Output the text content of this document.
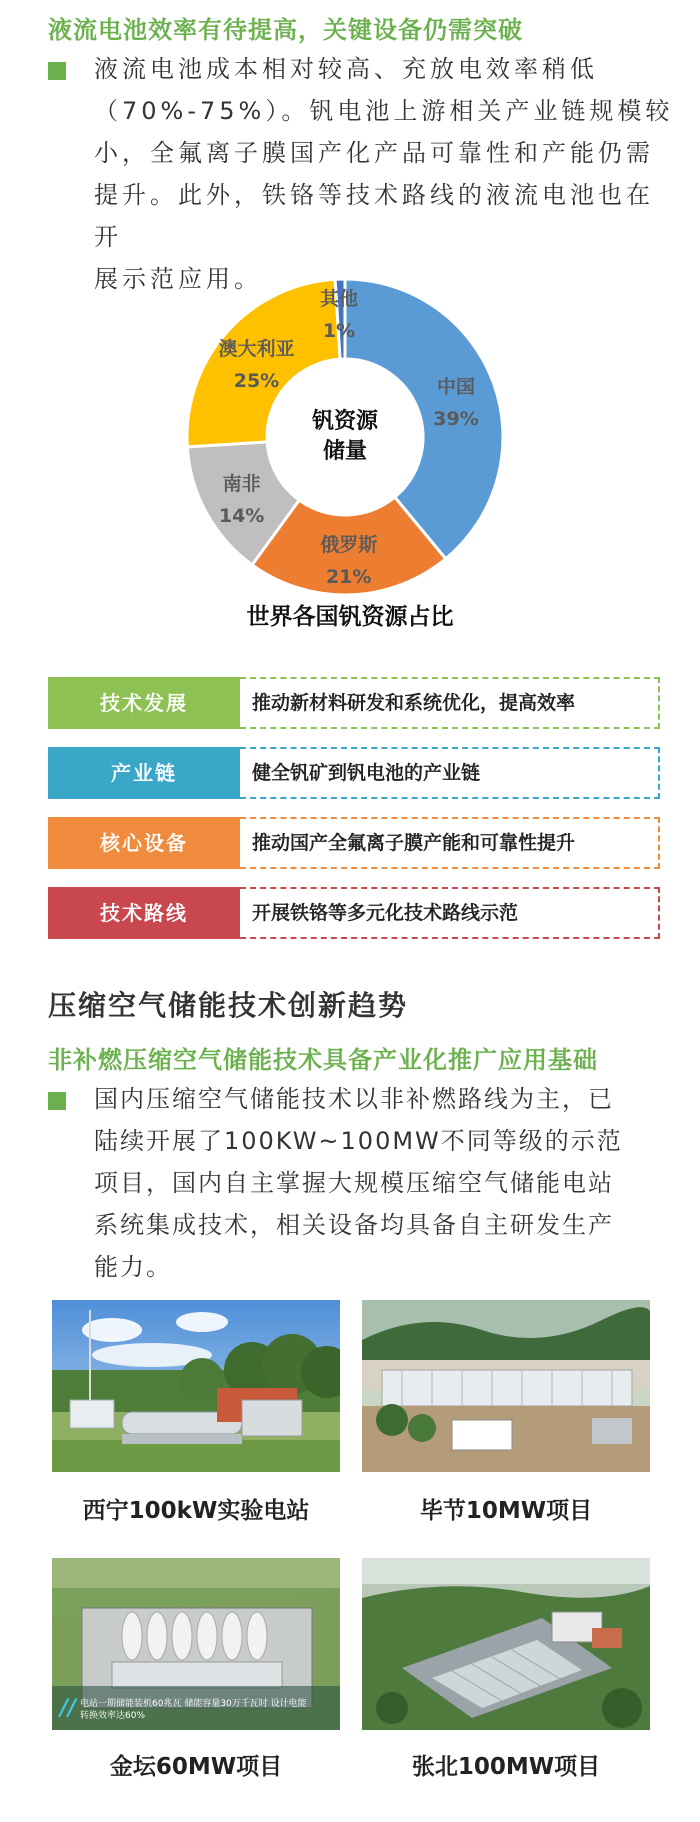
液流电池效率有待提高，关键设备仍需突破
液流电池成本相对较高、充放电效率稍低
（70%-75%）。钒电池上游相关产业链规模较
小，全氟离子膜国产化产品可靠性和产能仍需
提升。此外，铁铬等技术路线的液流电池也在开
展示范应用。
钒资源
储量
中国
39%
俄罗斯
21%
南非
14%
澳大利亚
25%
其他
1%
世界各国钒资源占比
技术发展	推动新材料研发和系统优化，提高效率
产业链	健全钒矿到钒电池的产业链
核心设备	推动国产全氟离子膜产能和可靠性提升
技术路线	开展铁铬等多元化技术路线示范
压缩空气储能技术创新趋势
非补燃压缩空气储能技术具备产业化推广应用基础
国内压缩空气储能技术以非补燃路线为主，已
陆续开展了100KW~100MW不同等级的示范
项目，国内自主掌握大规模压缩空气储能电站
系统集成技术，相关设备均具备自主研发生产
能力。
西宁100kW实验电站	毕节10MW项目
电站一期储能装机60兆瓦 储能容量30万千瓦时 设计电能转换效率达60%
//
金坛60MW项目	张北100MW项目
